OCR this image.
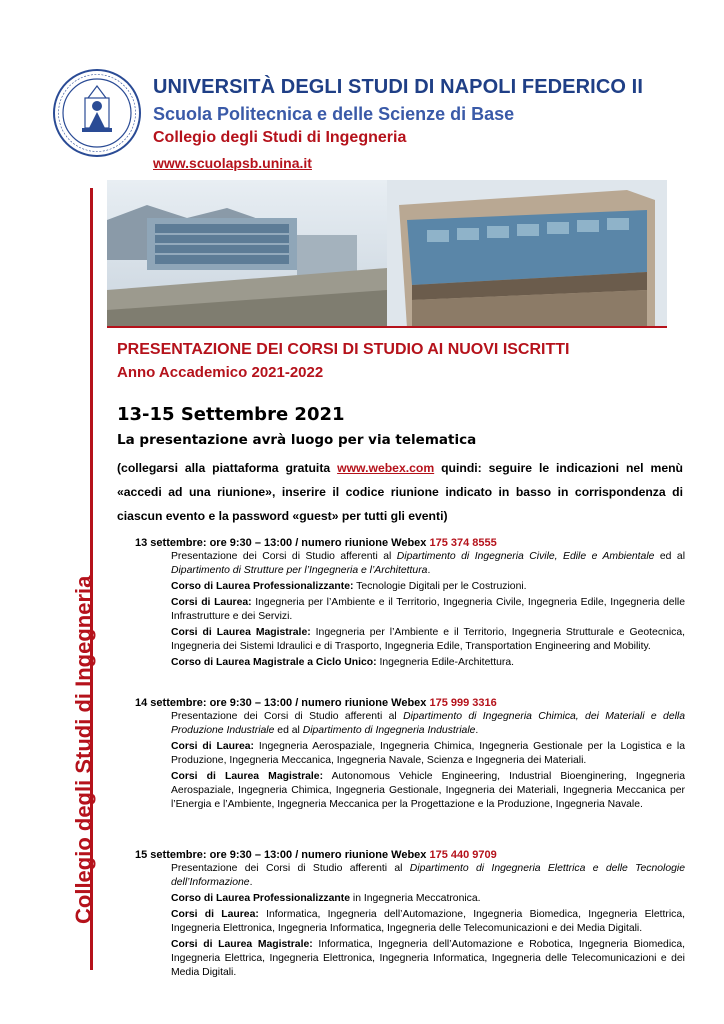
UNIVERSITÀ DEGLI STUDI DI NAPOLI FEDERICO II
Scuola Politecnica e delle Scienze di Base
Collegio degli Studi di Ingegneria
www.scuolapsb.unina.it
Collegio degli Studi di Ingegneria
PRESENTAZIONE DEI CORSI DI STUDIO AI NUOVI ISCRITTI
Anno Accademico 2021-2022
13-15 Settembre 2021
La presentazione avrà luogo per via telematica
(collegarsi alla piattaforma gratuita www.webex.com quindi: seguire le indicazioni nel menù «accedi ad una riunione», inserire il codice riunione indicato in basso in corrispondenza di ciascun evento e la password «guest» per tutti gli eventi)
13 settembre: ore 9:30 – 13:00 / numero riunione Webex 175 374 8555

Presentazione dei Corsi di Studio afferenti al Dipartimento di Ingegneria Civile, Edile e Ambientale ed al Dipartimento di Strutture per l’Ingegneria e l’Architettura.

Corso di Laurea Professionalizzante: Tecnologie Digitali per le Costruzioni.

Corsi di Laurea: Ingegneria per l’Ambiente e il Territorio, Ingegneria Civile, Ingegneria Edile, Ingegneria delle Infrastrutture e dei Servizi.

Corsi di Laurea Magistrale: Ingegneria per l’Ambiente e il Territorio, Ingegneria Strutturale e Geotecnica, Ingegneria dei Sistemi Idraulici e di Trasporto, Ingegneria Edile, Transportation Engineering and Mobility.

Corso di Laurea Magistrale a Ciclo Unico: Ingegneria Edile-Architettura.

14 settembre: ore 9:30 – 13:00 / numero riunione Webex 175 999 3316

Presentazione dei Corsi di Studio afferenti al Dipartimento di Ingegneria Chimica, dei Materiali e della Produzione Industriale ed al Dipartimento di Ingegneria Industriale.

Corsi di Laurea: Ingegneria Aerospaziale, Ingegneria Chimica, Ingegneria Gestionale per la Logistica e la Produzione, Ingegneria Meccanica, Ingegneria Navale, Scienza e Ingegneria dei Materiali.

Corsi di Laurea Magistrale: Autonomous Vehicle Engineering, Industrial Bioenginering, Ingegneria Aerospaziale, Ingegneria Chimica, Ingegneria Gestionale, Ingegneria dei Materiali, Ingegneria Meccanica per l’Energia e l’Ambiente, Ingegneria Meccanica per la Progettazione e la Produzione, Ingegneria Navale.

15 settembre: ore 9:30 – 13:00 / numero riunione Webex 175 440 9709

Presentazione dei Corsi di Studio afferenti al Dipartimento di Ingegneria Elettrica e delle Tecnologie dell’Informazione.

Corso di Laurea Professionalizzante in Ingegneria Meccatronica.

Corsi di Laurea: Informatica, Ingegneria dell’Automazione, Ingegneria Biomedica, Ingegneria Elettrica, Ingegneria Elettronica, Ingegneria Informatica, Ingegneria delle Telecomunicazioni e dei Media Digitali.

Corsi di Laurea Magistrale: Informatica, Ingegneria dell’Automazione e Robotica, Ingegneria Biomedica, Ingegneria Elettrica, Ingegneria Elettronica, Ingegneria Informatica, Ingegneria delle Telecomunicazioni e dei Media Digitali.
